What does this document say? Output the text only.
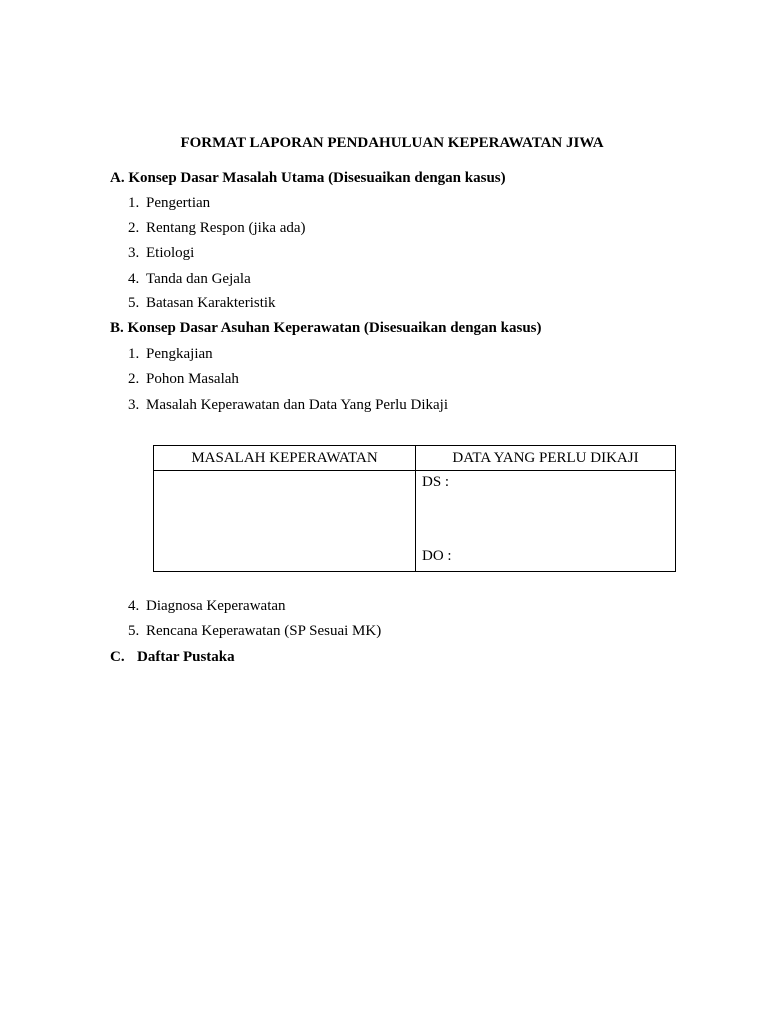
FORMAT LAPORAN PENDAHULUAN KEPERAWATAN JIWA
A. Konsep Dasar Masalah Utama (Disesuaikan dengan kasus)
1. Pengertian
2. Rentang Respon (jika ada)
3. Etiologi
4. Tanda dan Gejala
5. Batasan Karakteristik
B. Konsep Dasar Asuhan Keperawatan (Disesuaikan dengan kasus)
1. Pengkajian
2. Pohon Masalah
3. Masalah Keperawatan dan Data Yang Perlu Dikaji
MASALAH KEPERAWATAN	DATA YANG PERLU DIKAJI

	DS :
DO :
4. Diagnosa Keperawatan
5. Rencana Keperawatan (SP Sesuai MK)
C. Daftar Pustaka
